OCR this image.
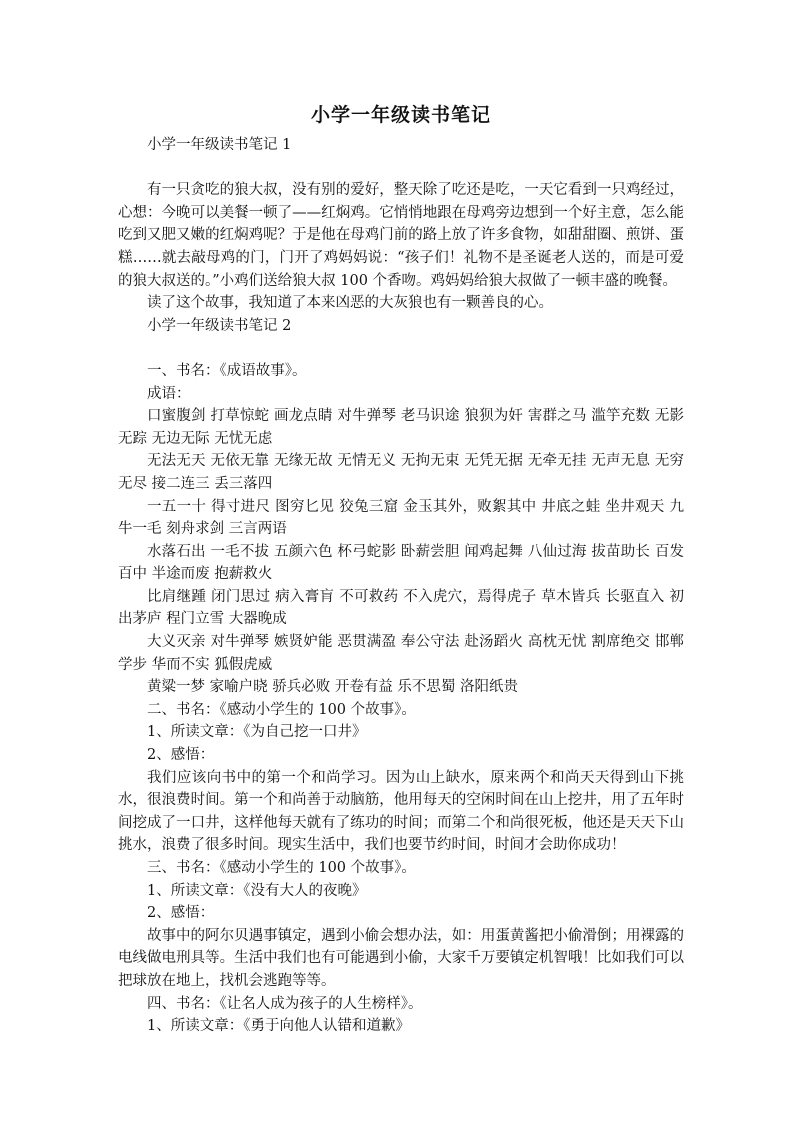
小学一年级读书笔记

小学一年级读书笔记 1

有一只贪吃的狼大叔，没有别的爱好，整天除了吃还是吃，一天它看到一只鸡经过，心想：今晚可以美餐一顿了——红焖鸡。它悄悄地跟在母鸡旁边想到一个好主意，怎么能吃到又肥又嫩的红焖鸡呢？于是他在母鸡门前的路上放了许多食物，如甜甜圈、煎饼、蛋糕……就去敲母鸡的门，门开了鸡妈妈说：“孩子们！礼物不是圣诞老人送的，而是可爱的狼大叔送的。”小鸡们送给狼大叔 100 个香吻。鸡妈妈给狼大叔做了一顿丰盛的晚餐。

读了这个故事，我知道了本来凶恶的大灰狼也有一颗善良的心。

小学一年级读书笔记 2

一、书名：《成语故事》。

成语：

口蜜腹剑 打草惊蛇 画龙点睛 对牛弹琴 老马识途 狼狈为奸 害群之马 滥竽充数 无影无踪 无边无际 无忧无虑

无法无天 无依无靠 无缘无故 无情无义 无拘无束 无凭无据 无牵无挂 无声无息 无穷无尽 接二连三 丢三落四

一五一十 得寸进尺 图穷匕见 狡兔三窟 金玉其外，败絮其中 井底之蛙 坐井观天 九牛一毛 刻舟求剑 三言两语

水落石出 一毛不拔 五颜六色 杯弓蛇影 卧薪尝胆 闻鸡起舞 八仙过海 拔苗助长 百发百中 半途而废 抱薪救火

比肩继踵 闭门思过 病入膏肓 不可救药 不入虎穴，焉得虎子 草木皆兵 长驱直入 初出茅庐 程门立雪 大器晚成

大义灭亲 对牛弹琴 嫉贤妒能 恶贯满盈 奉公守法 赴汤蹈火 高枕无忧 割席绝交 邯郸学步 华而不实 狐假虎威

黄粱一梦 家喻户晓 骄兵必败 开卷有益 乐不思蜀 洛阳纸贵

二、书名：《感动小学生的 100 个故事》。

1、所读文章：《为自己挖一口井》

2、感悟：

我们应该向书中的第一个和尚学习。因为山上缺水，原来两个和尚天天得到山下挑水，很浪费时间。第一个和尚善于动脑筋，他用每天的空闲时间在山上挖井，用了五年时间挖成了一口井，这样他每天就有了练功的时间；而第二个和尚很死板，他还是天天下山挑水，浪费了很多时间。现实生活中，我们也要节约时间，时间才会助你成功！

三、书名：《感动小学生的 100 个故事》。

1、所读文章：《没有大人的夜晚》

2、感悟：

故事中的阿尔贝遇事镇定，遇到小偷会想办法，如：用蛋黄酱把小偷滑倒；用裸露的电线做电刑具等。生活中我们也有可能遇到小偷，大家千万要镇定机智哦！比如我们可以把球放在地上，找机会逃跑等等。

四、书名：《让名人成为孩子的人生榜样》。

1、所读文章：《勇于向他人认错和道歉》
